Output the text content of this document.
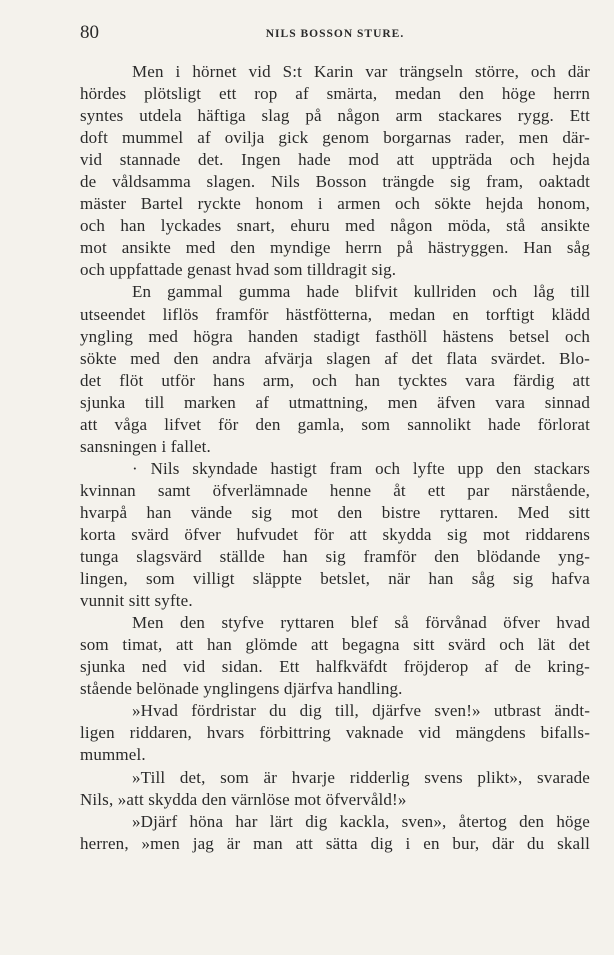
80	NILS BOSSON STURE.
Men i hörnet vid S:t Karin var trängseln större, och där
hördes plötsligt ett rop af smärta, medan den höge herrn
syntes utdela häftiga slag på någon arm stackares rygg. Ett
doft mummel af ovilja gick genom borgarnas rader, men där-
vid stannade det. Ingen hade mod att uppträda och hejda
de våldsamma slagen. Nils Bosson trängde sig fram, oaktadt
mäster Bartel ryckte honom i armen och sökte hejda honom,
och han lyckades snart, ehuru med någon möda, stå ansikte
mot ansikte med den myndige herrn på hästryggen. Han såg
och uppfattade genast hvad som tilldragit sig.
En gammal gumma hade blifvit kullriden och låg till
utseendet liflös framför hästfötterna, medan en torftigt klädd
yngling med högra handen stadigt fasthöll hästens betsel och
sökte med den andra afvärja slagen af det flata svärdet. Blo-
det flöt utför hans arm, och han tycktes vara färdig att
sjunka till marken af utmattning, men äfven vara sinnad
att våga lifvet för den gamla, som sannolikt hade förlorat
sansningen i fallet.
· Nils skyndade hastigt fram och lyfte upp den stackars
kvinnan samt öfverlämnade henne åt ett par närstående,
hvarpå han vände sig mot den bistre ryttaren. Med sitt
korta svärd öfver hufvudet för att skydda sig mot riddarens
tunga slagsvärd ställde han sig framför den blödande yng-
lingen, som villigt släppte betslet, när han såg sig hafva
vunnit sitt syfte.
Men den styfve ryttaren blef så förvånad öfver hvad
som timat, att han glömde att begagna sitt svärd och lät det
sjunka ned vid sidan. Ett halfkväfdt fröjderop af de kring-
stående belönade ynglingens djärfva handling.
»Hvad fördristar du dig till, djärfve sven!» utbrast ändt-
ligen riddaren, hvars förbittring vaknade vid mängdens bifalls-
mummel.
»Till det, som är hvarje ridderlig svens plikt», svarade
Nils, »att skydda den värnlöse mot öfvervåld!»
»Djärf höna har lärt dig kackla, sven», återtog den höge
herren, »men jag är man att sätta dig i en bur, där du skall
